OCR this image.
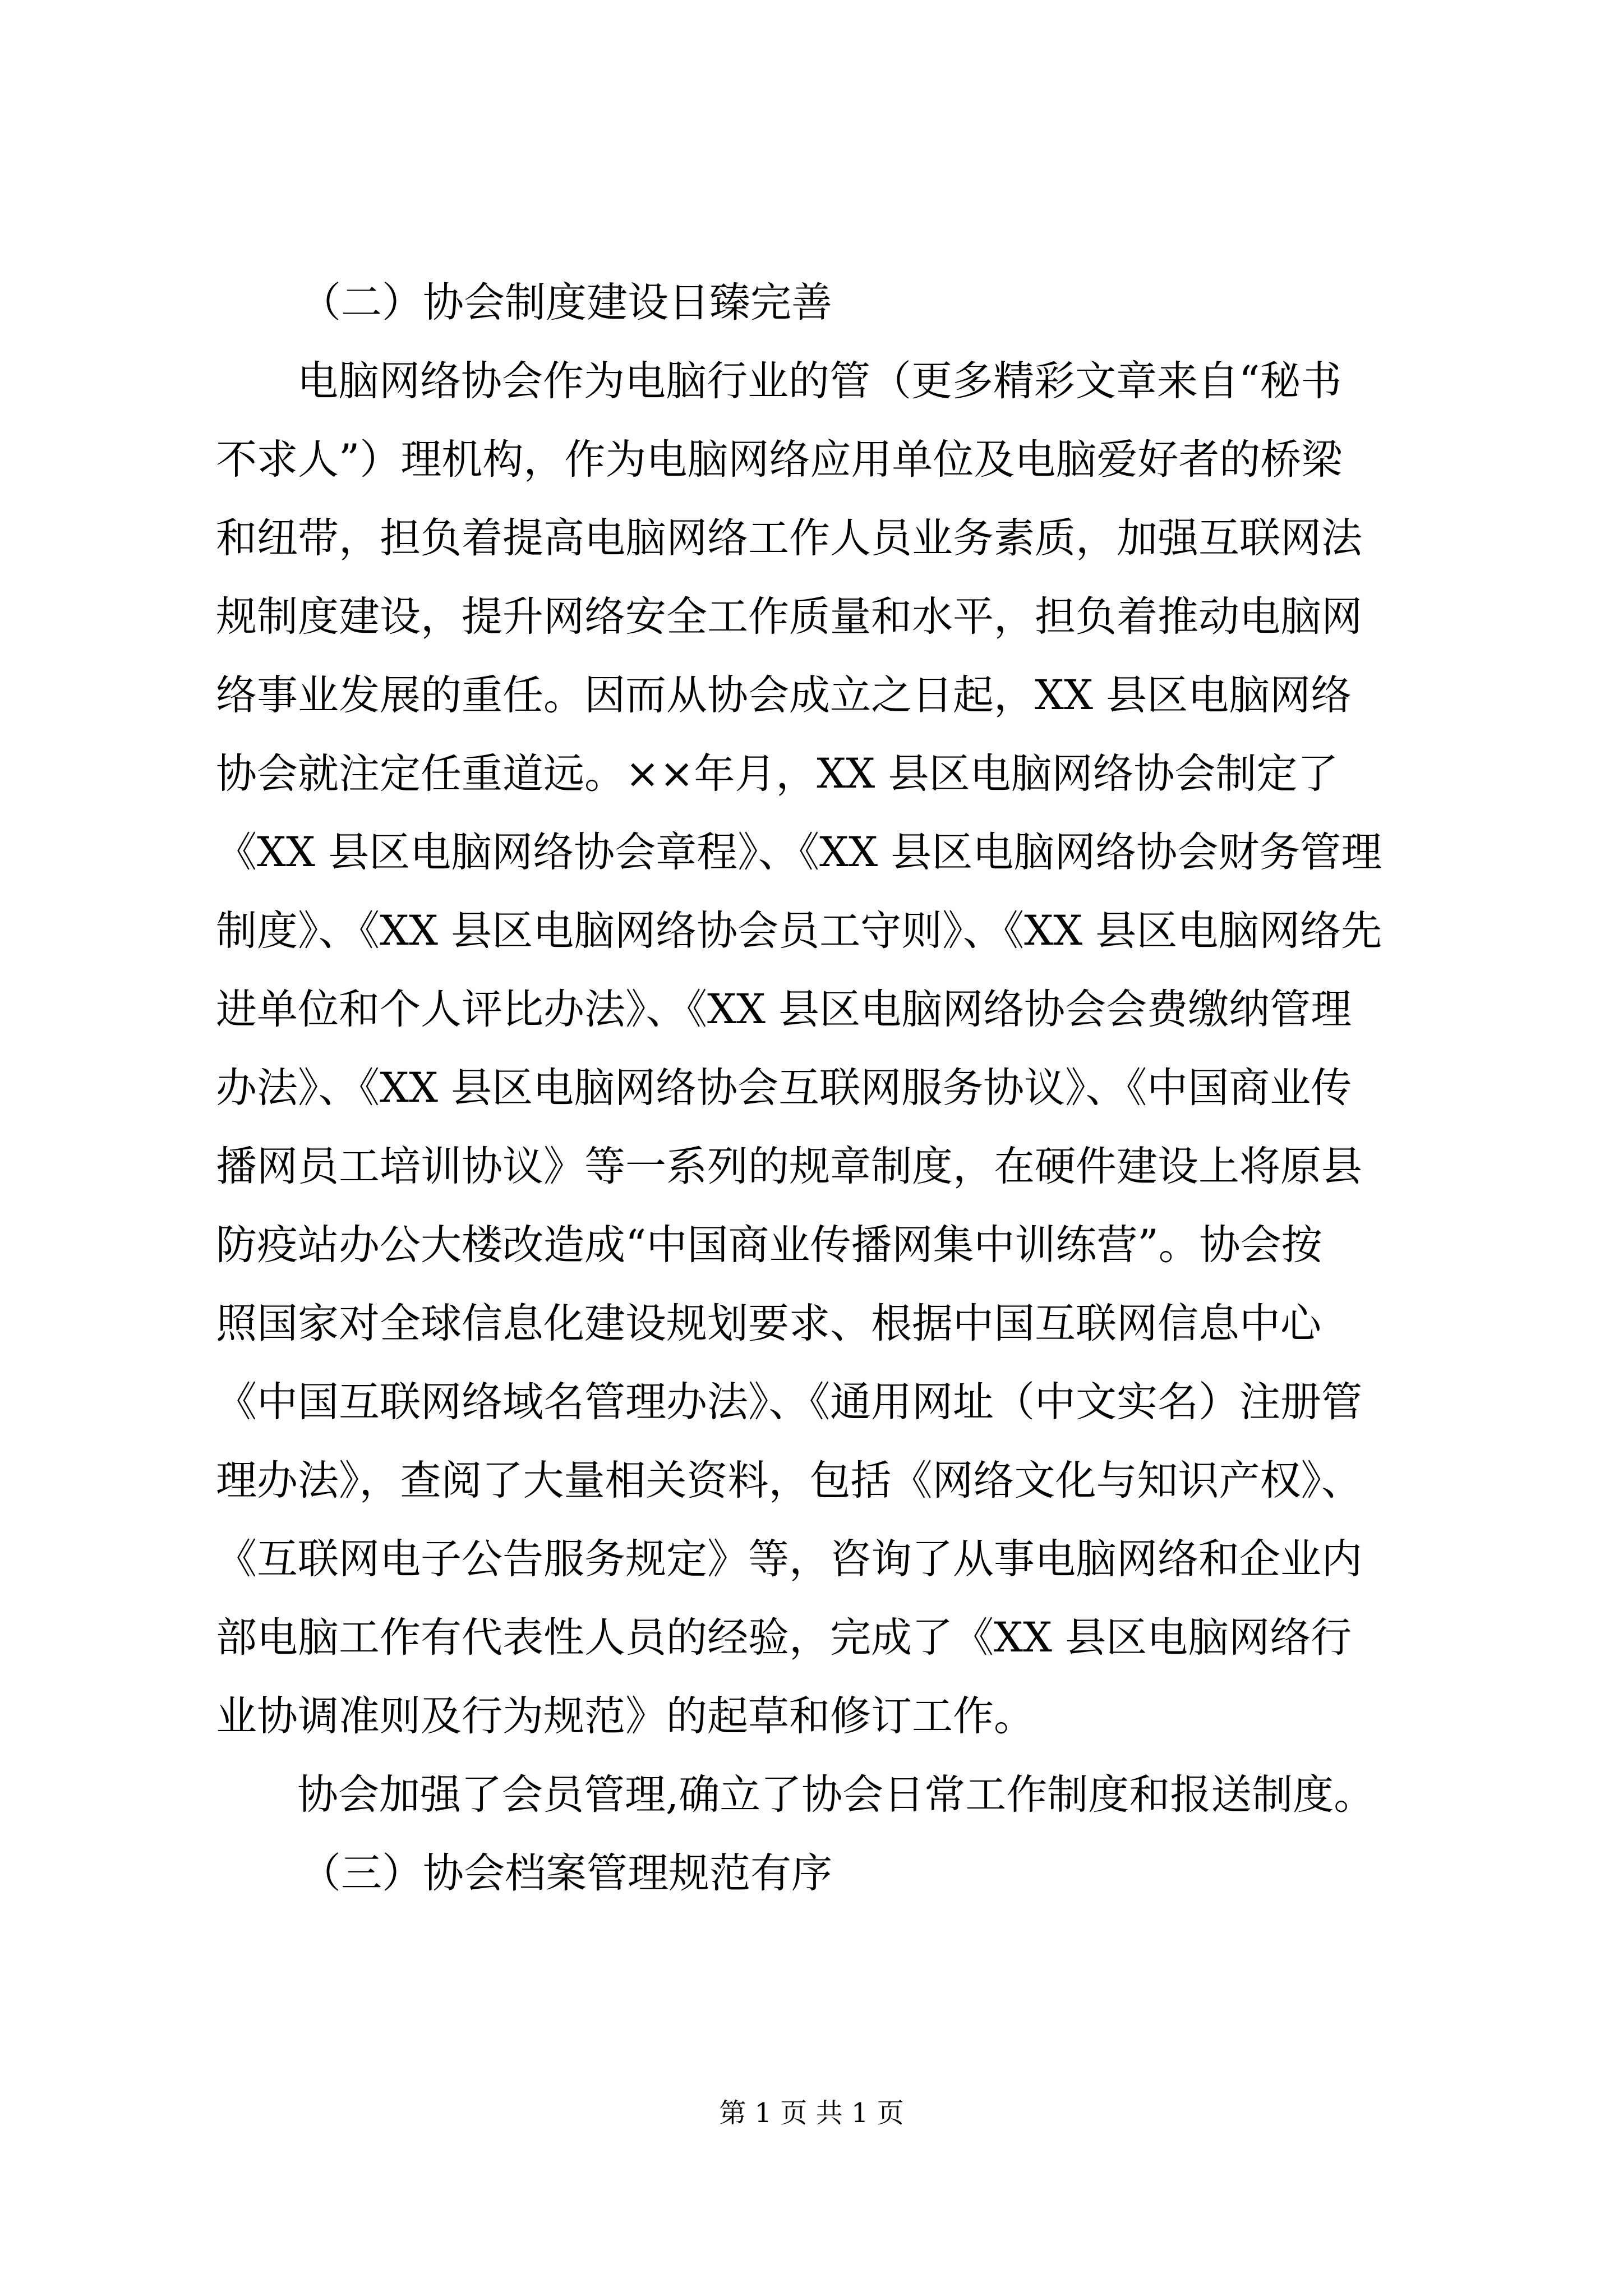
（二）协会制度建设日臻完善
电脑网络协会作为电脑行业的管（更多精彩文章来自“秘书
不求人”）理机构，作为电脑网络应用单位及电脑爱好者的桥梁
和纽带，担负着提高电脑网络工作人员业务素质，加强互联网法
规制度建设，提升网络安全工作质量和水平，担负着推动电脑网
络事业发展的重任。因而从协会成立之日起，XX 县区电脑网络
协会就注定任重道远。××年月，XX 县区电脑网络协会制定了
《XX 县区电脑网络协会章程》、《XX 县区电脑网络协会财务管理
制度》、《XX 县区电脑网络协会员工守则》、《XX 县区电脑网络先
进单位和个人评比办法》、《XX 县区电脑网络协会会费缴纳管理
办法》、《XX 县区电脑网络协会互联网服务协议》、《中国商业传
播网员工培训协议》等一系列的规章制度，在硬件建设上将原县
防疫站办公大楼改造成“中国商业传播网集中训练营”。协会按
照国家对全球信息化建设规划要求、根据中国互联网信息中心
《中国互联网络域名管理办法》、《通用网址（中文实名）注册管
理办法》，查阅了大量相关资料，包括《网络文化与知识产权》、
《互联网电子公告服务规定》等，咨询了从事电脑网络和企业内
部电脑工作有代表性人员的经验，完成了《XX 县区电脑网络行
业协调准则及行为规范》的起草和修订工作。
协会加强了会员管理,确立了协会日常工作制度和报送制度。
（三）协会档案管理规范有序
第 1 页 共 1 页
